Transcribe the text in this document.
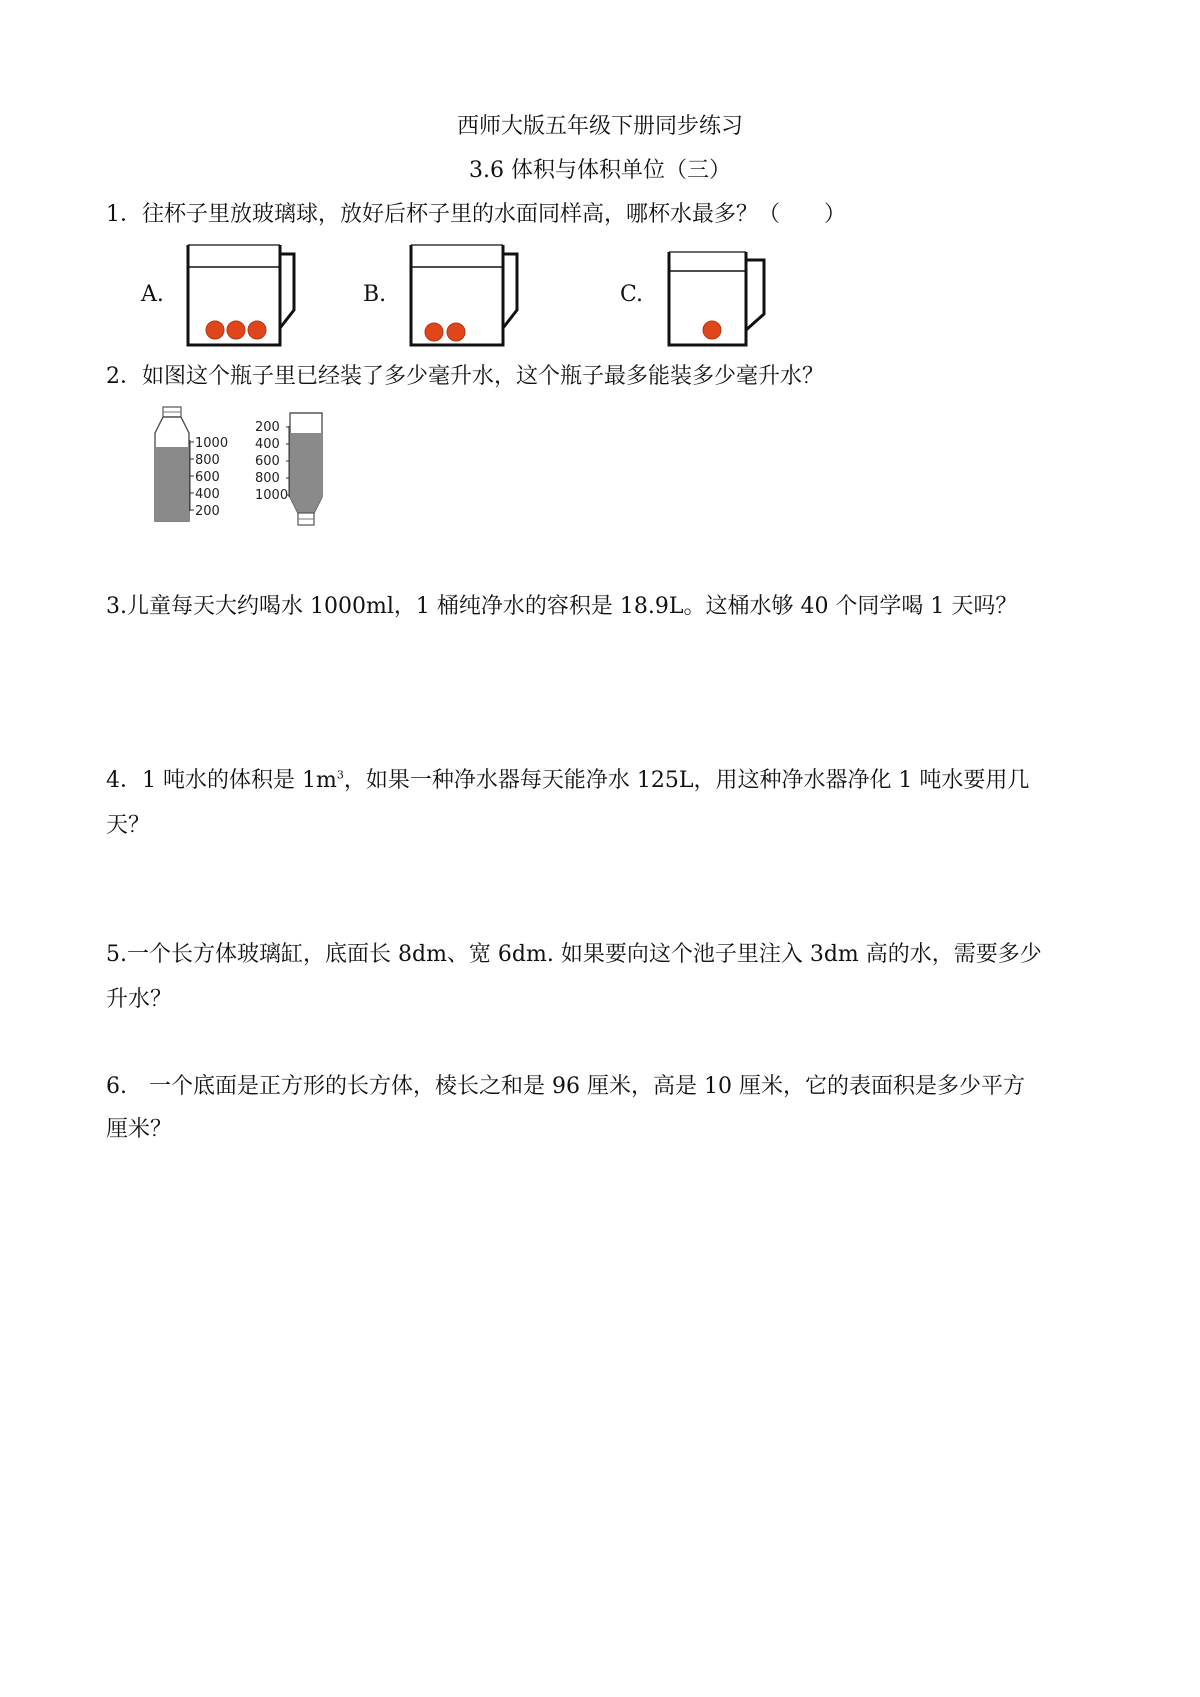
西师大版五年级下册同步练习
3.6 体积与体积单位（三）
1．往杯子里放玻璃球，放好后杯子里的水面同样高，哪杯水最多？（　　）
A.	B.	C.
2．如图这个瓶子里已经装了多少毫升水，这个瓶子最多能装多少毫升水？
1000
800
600
400
200
200
400
600
800
1000
3.儿童每天大约喝水 1000ml，1 桶纯净水的容积是 18.9L。这桶水够 40 个同学喝 1 天吗？
4．1 吨水的体积是 $1m^3$，如果一种净水器每天能净水 125L，用这种净水器净化 1 吨水要用几
天？
5.一个长方体玻璃缸，底面长 8dm、宽 6dm. 如果要向这个池子里注入 3dm 高的水，需要多少
升水？
6.　一个底面是正方形的长方体，棱长之和是 96 厘米，高是 10 厘米，它的表面积是多少平方
厘米？
